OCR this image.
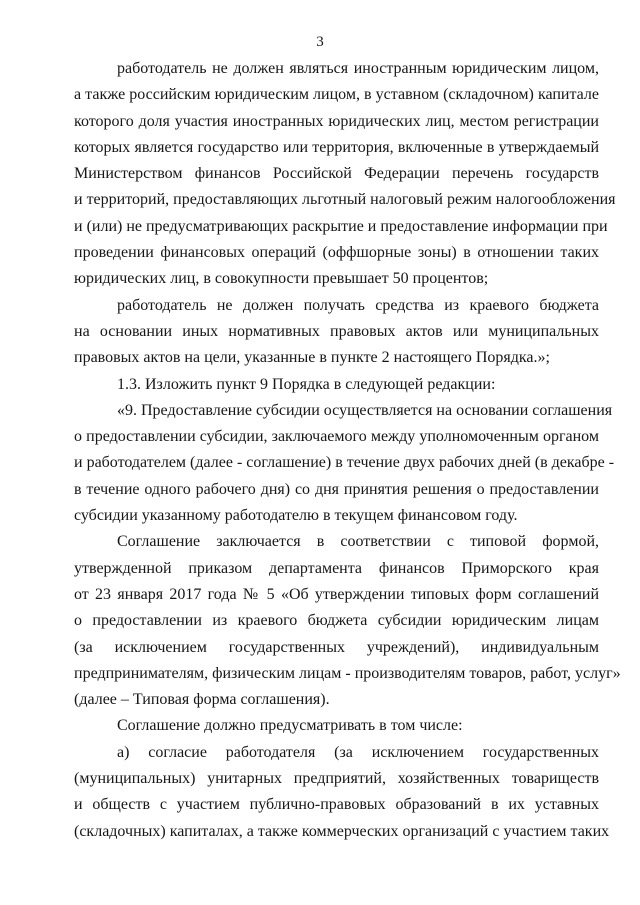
3
работодатель не должен являться иностранным юридическим лицом,
а также российским юридическим лицом, в уставном (складочном) капитале
которого доля участия иностранных юридических лиц, местом регистрации
которых является государство или территория, включенные в утверждаемый
Министерством финансов Российской Федерации перечень государств
и территорий, предоставляющих льготный налоговый режим налогообложения
и (или) не предусматривающих раскрытие и предоставление информации при
проведении финансовых операций (оффшорные зоны) в отношении таких
юридических лиц, в совокупности превышает 50 процентов;
работодатель не должен получать средства из краевого бюджета
на основании иных нормативных правовых актов или муниципальных
правовых актов на цели, указанные в пункте 2 настоящего Порядка.»;
1.3. Изложить пункт 9 Порядка в следующей редакции:
«9. Предоставление субсидии осуществляется на основании соглашения
о предоставлении субсидии, заключаемого между уполномоченным органом
и работодателем (далее - соглашение) в течение двух рабочих дней (в декабре -
в течение одного рабочего дня) со дня принятия решения о предоставлении
субсидии указанному работодателю в текущем финансовом году.
Соглашение заключается в соответствии с типовой формой,
утвержденной приказом департамента финансов Приморского края
от 23 января 2017 года № 5 «Об утверждении типовых форм соглашений
о предоставлении из краевого бюджета субсидии юридическим лицам
(за исключением государственных учреждений), индивидуальным
предпринимателям, физическим лицам - производителям товаров, работ, услуг»
(далее – Типовая форма соглашения).
Соглашение должно предусматривать в том числе:
а) согласие работодателя (за исключением государственных
(муниципальных) унитарных предприятий, хозяйственных товариществ
и обществ с участием публично-правовых образований в их уставных
(складочных) капиталах, а также коммерческих организаций с участием таких
